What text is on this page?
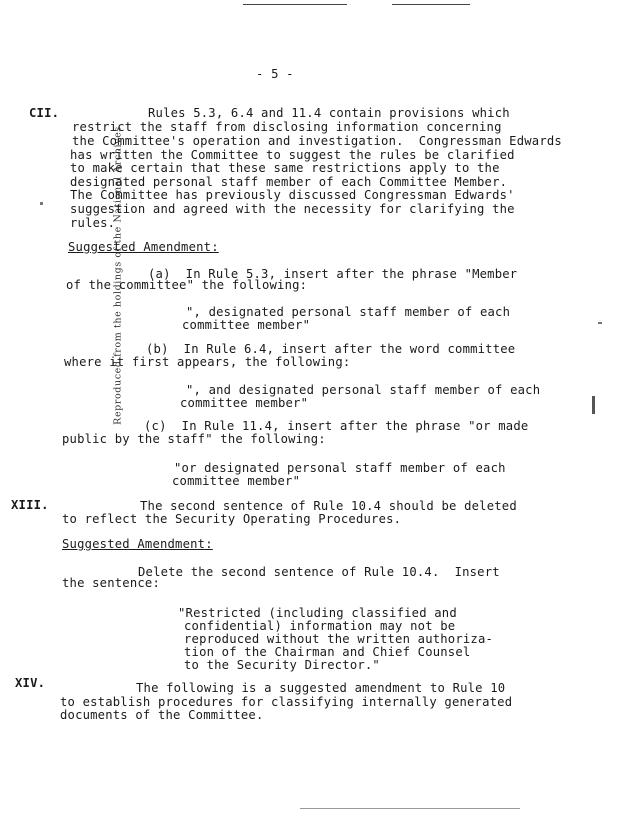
- 5 -
Reproduced from the holdings of the National Archives
CII.	Rules 5.3, 6.4 and 11.4 contain provisions which
restrict the staff from disclosing information concerning
the Committee's operation and investigation.  Congressman Edwards
has written the Committee to suggest the rules be clarified
to make certain that these same restrictions apply to the
designated personal staff member of each Committee Member.
The Committee has previously discussed Congressman Edwards'
suggestion and agreed with the necessity for clarifying the
rules.
Suggested Amendment:
(a)  In Rule 5.3, insert after the phrase "Member
of the committee" the following:
", designated personal staff member of each
committee member"
(b)  In Rule 6.4, insert after the word committee
where it first appears, the following:
", and designated personal staff member of each
committee member"
(c)  In Rule 11.4, insert after the phrase "or made
public by the staff" the following:
"or designated personal staff member of each
committee member"
XIII.	The second sentence of Rule 10.4 should be deleted
to reflect the Security Operating Procedures.
Suggested Amendment:
Delete the second sentence of Rule 10.4.  Insert
the sentence:
"Restricted (including classified and
confidential) information may not be
reproduced without the written authoriza-
tion of the Chairman and Chief Counsel
to the Security Director."
XIV.	The following is a suggested amendment to Rule 10
to establish procedures for classifying internally generated
documents of the Committee.
